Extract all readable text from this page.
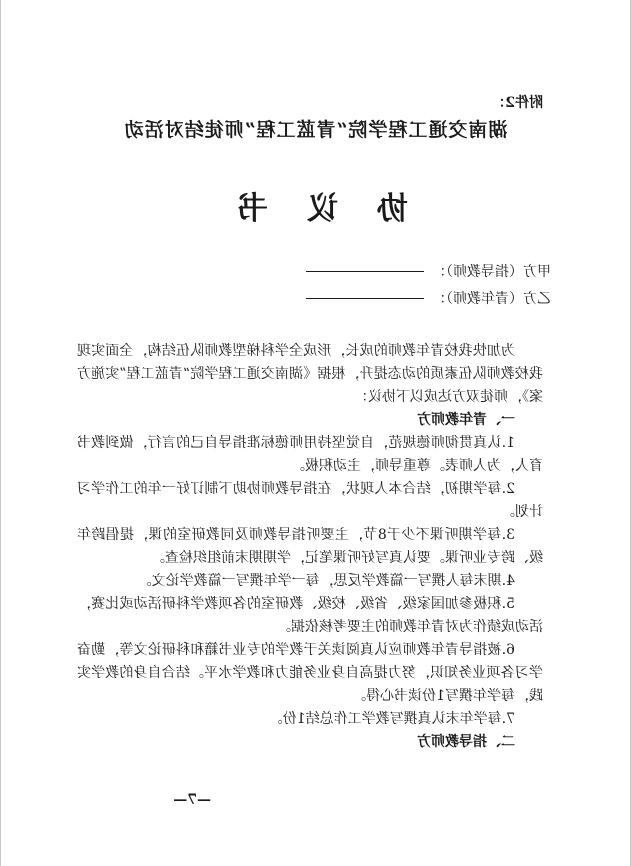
附件2：
湖南交通工程学院“青蓝工程”师徒结对活动
协 议 书
甲方（指导教师）：
乙方（青年教师）：

为加快我校青年教师的成长，形成全学科梯型教师队伍结构，全面实现我校教师队伍素质的动态提升，根据《湖南交通工程学院“青蓝工程”实施方案》，师徒双方达成以下协议：

一、青年教师方

1.认真贯彻师德规范，自觉坚持用师德标准指导自己的言行，做到教书育人，为人师表。尊重导师，主动积极。

2.每学期初，结合本人现状，在指导教师协助下制订好一年的工作学习计划。

3.每学期听课不少于8节，主要听指导教师及同教研室的课，提倡跨年级、跨专业听课。要认真写好听课笔记，学期期末前组织检查。

4.期末每人撰写一篇教学反思，每一学年撰写一篇教学论文。

5.积极参加国家级、省级、校级、教研室的各项教学科研活动或比赛，活动成绩作为对青年教师的主要考核依据。

6.被指导青年教师应认真阅读关于教学的专业书籍和科研论文等，勤奋学习各项业务知识，努力提高自身业务能力和教学水平。结合自身的教学实践，每学年撰写1份读书心得。

7.每学年末认真撰写教学工作总结1份。

二、指导教师方

—7—
